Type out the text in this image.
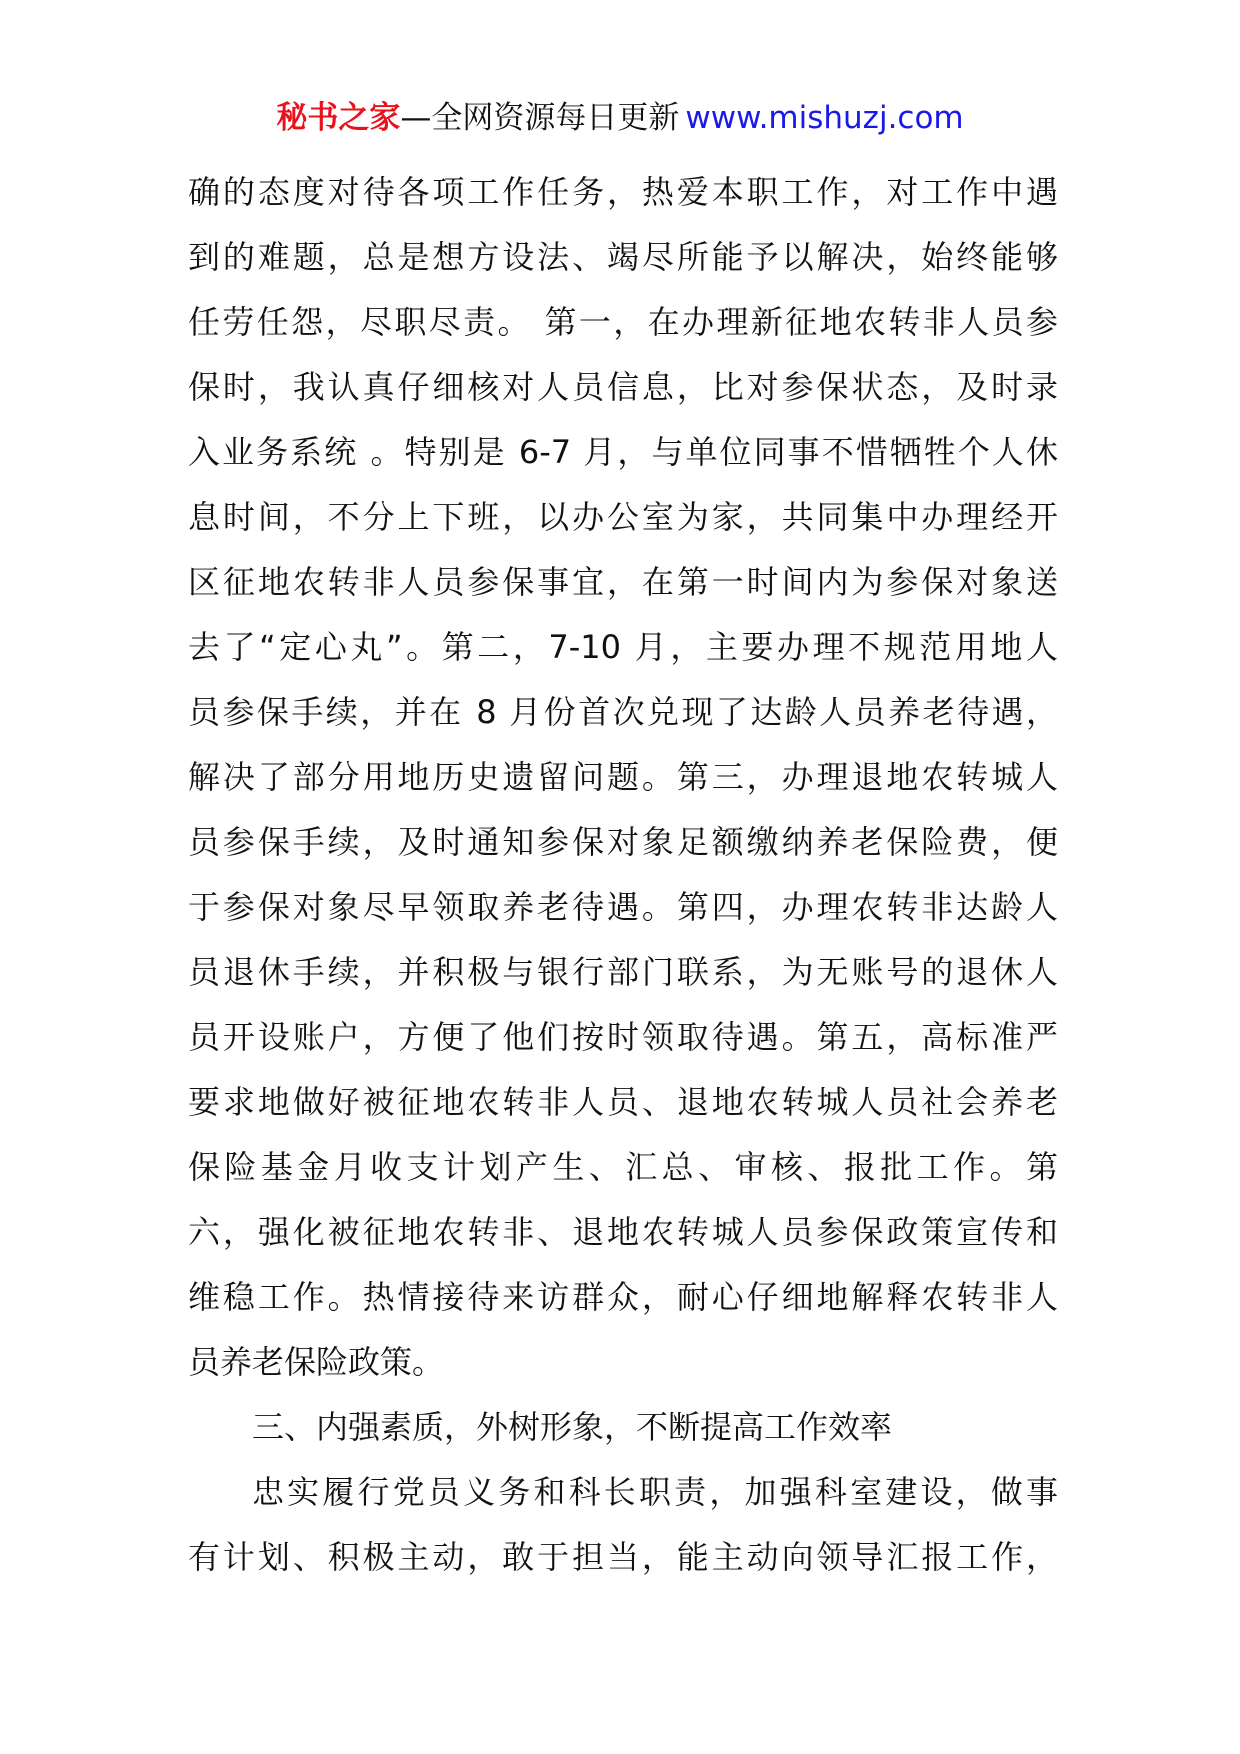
秘书之家—全网资源每日更新 www.mishuzj.com
确的态度对待各项工作任务，热爱本职工作，对工作中遇
到的难题，总是想方设法、竭尽所能予以解决，始终能够
任劳任怨，尽职尽责。 第一，在办理新征地农转非人员参
保时，我认真仔细核对人员信息，比对参保状态，及时录
入业务系统 。特别是 6-7 月，与单位同事不惜牺牲个人休
息时间，不分上下班，以办公室为家，共同集中办理经开
区征地农转非人员参保事宜，在第一时间内为参保对象送
去了“定心丸”。第二，7-10 月，主要办理不规范用地人
员参保手续，并在 8 月份首次兑现了达龄人员养老待遇，
解决了部分用地历史遗留问题。第三，办理退地农转城人
员参保手续，及时通知参保对象足额缴纳养老保险费，便
于参保对象尽早领取养老待遇。第四，办理农转非达龄人
员退休手续，并积极与银行部门联系，为无账号的退休人
员开设账户，方便了他们按时领取待遇。第五，高标准严
要求地做好被征地农转非人员、退地农转城人员社会养老
保险基金月收支计划产生、汇总、审核、报批工作。第
六，强化被征地农转非、退地农转城人员参保政策宣传和
维稳工作。热情接待来访群众，耐心仔细地解释农转非人
员养老保险政策。
三、内强素质，外树形象，不断提高工作效率
忠实履行党员义务和科长职责，加强科室建设，做事
有计划、积极主动，敢于担当，能主动向领导汇报工作，
